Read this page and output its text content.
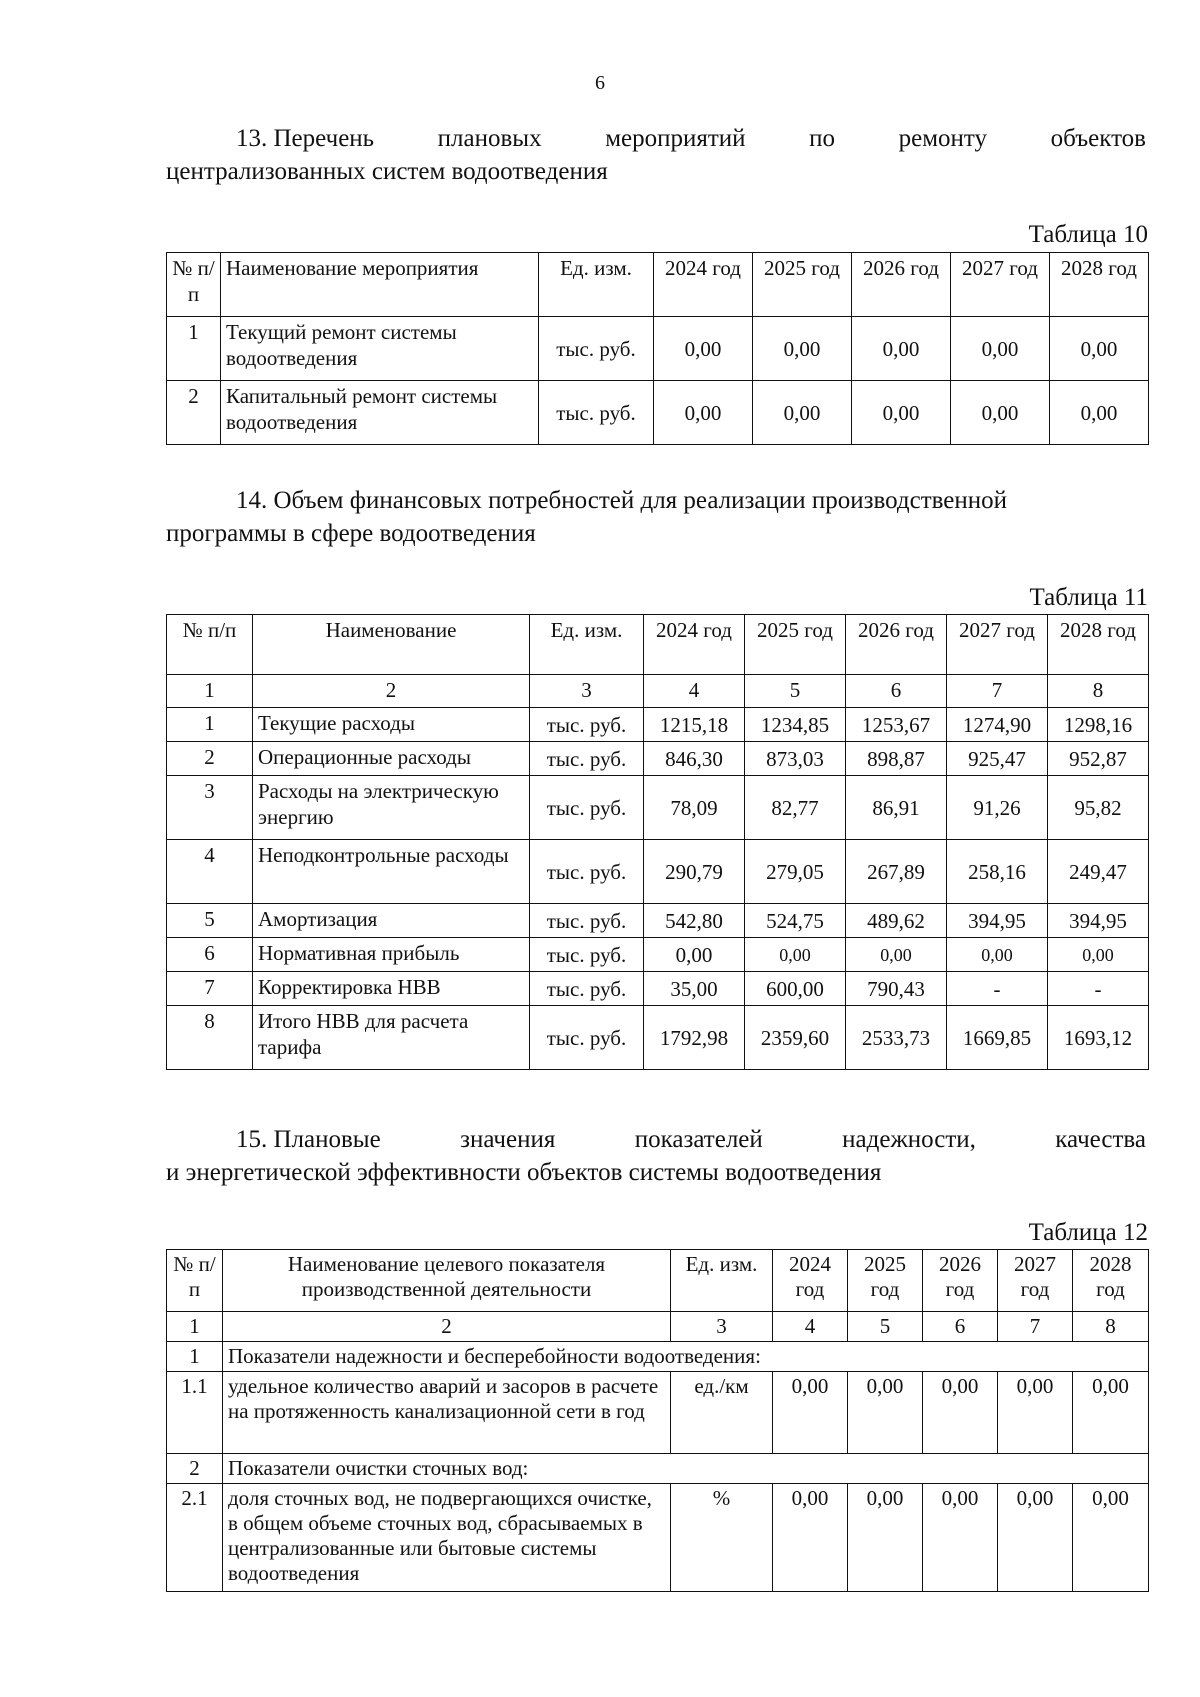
6
13. Перечень	плановых	мероприятий	по	ремонту	объектов
централизованных систем водоотведения
Таблица 10
№ п/п	Наименование мероприятия	Ед. изм.	2024 год	2025 год	2026 год	2027 год	2028 год
1	Текущий ремонт системы водоотведения	тыс. руб.	0,00	0,00	0,00	0,00	0,00
2	Капитальный ремонт системы водоотведения	тыс. руб.	0,00	0,00	0,00	0,00	0,00
14. Объем финансовых потребностей для реализации производственной
программы в сфере водоотведения
Таблица 11
№ п/п	Наименование	Ед. изм.	2024 год	2025 год	2026 год	2027 год	2028 год
1	2	3	4	5	6	7	8
1	Текущие расходы	тыс. руб.	1215,18	1234,85	1253,67	1274,90	1298,16
2	Операционные расходы	тыс. руб.	846,30	873,03	898,87	925,47	952,87
3	Расходы на электрическую энергию	тыс. руб.	78,09	82,77	86,91	91,26	95,82
4	Неподконтрольные расходы	тыс. руб.	290,79	279,05	267,89	258,16	249,47
5	Амортизация	тыс. руб.	542,80	524,75	489,62	394,95	394,95
6	Нормативная прибыль	тыс. руб.	0,00	0,00	0,00	0,00	0,00
7	Корректировка НВВ	тыс. руб.	35,00	600,00	790,43	-	-
8	Итого НВВ для расчета тарифа	тыс. руб.	1792,98	2359,60	2533,73	1669,85	1693,12
15. Плановые	значения	показателей	надежности,	качества
и энергетической эффективности объектов системы водоотведения
Таблица 12
№ п/п	Наименование целевого показателя производственной деятельности	Ед. изм.	2024 год	2025 год	2026 год	2027 год	2028 год
1	2	3	4	5	6	7	8
1	Показатели надежности и бесперебойности водоотведения:						
1.1	удельное количество аварий и засоров в расчете на протяженность канализационной сети в год	ед./км	0,00	0,00	0,00	0,00	0,00
2	Показатели очистки сточных вод:						
2.1	доля сточных вод, не подвергающихся очистке, в общем объеме сточных вод, сбрасываемых в централизованные или бытовые системы водоотведения	%	0,00	0,00	0,00	0,00	0,00
